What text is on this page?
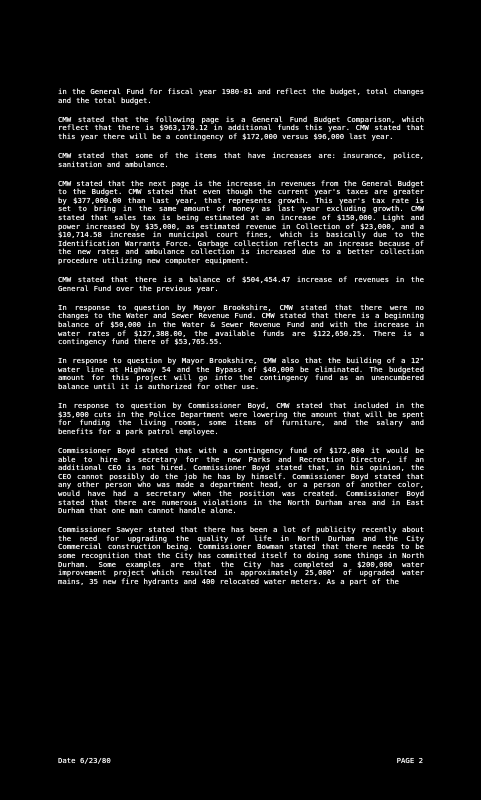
in the General Fund for fiscal year 1980-81 and reflect the budget, total changes and the total budget.

CMW stated that the following page is a General Fund Budget Comparison, which reflect that there is $963,170.12 in additional funds this year. CMW stated that this year there will be a contingency of $172,000 versus $96,000 last year.

CMW stated that some of the items that have increases are: insurance, police, sanitation and ambulance.

CMW stated that the next page is the increase in revenues from the General Budget to the Budget. CMW stated that even though the current year's taxes are greater by $377,000.00 than last year, that represents growth. This year's tax rate is set to bring in the same amount of money as last year excluding growth. CMW stated that sales tax is being estimated at an increase of $150,000. Light and power increased by $35,000, as estimated revenue in Collection of $23,000, and a $10,714.58 increase in municipal court fines, which is basically due to the Identification Warrants Force. Garbage collection reflects an increase because of the new rates and ambulance collection is increased due to a better collection procedure utilizing new computer equipment.

CMW stated that there is a balance of $504,454.47 increase of revenues in the General Fund over the previous year.

In response to question by Mayor Brookshire, CMW stated that there were no changes to the Water and Sewer Revenue Fund. CMW stated that there is a beginning balance of $50,000 in the Water & Sewer Revenue Fund and with the increase in water rates of $127,388.00, the available funds are $122,650.25. There is a contingency fund there of $53,765.55.

In response to question by Mayor Brookshire, CMW also that the building of a 12" water line at Highway 54 and the Bypass of $40,000 be eliminated. The budgeted amount for this project will go into the contingency fund as an unencumbered balance until it is authorized for other use.

In response to question by Commissioner Boyd, CMW stated that included in the $35,000 cuts in the Police Department were lowering the amount that will be spent for funding the living rooms, some items of furniture, and the salary and benefits for a park patrol employee.

Commissioner Boyd stated that with a contingency fund of $172,000 it would be able to hire a secretary for the new Parks and Recreation Director, if an additional CEO is not hired. Commissioner Boyd stated that, in his opinion, the CEO cannot possibly do the job he has by himself. Commissioner Boyd stated that any other person who was made a department head, or a person of another color, would have had a secretary when the position was created. Commissioner Boyd stated that there are numerous violations in the North Durham area and in East Durham that one man cannot handle alone.

Commissioner Sawyer stated that there has been a lot of publicity recently about the need for upgrading the quality of life in North Durham and the City Commercial construction being. Commissioner Bowman stated that there needs to be some recognition that the City has committed itself to doing some things in North Durham. Some examples are that the City has completed a $200,000 water improvement project which resulted in approximately 25,000' of upgraded water mains, 35 new fire hydrants and 400 relocated water meters. As a part of the

Date 6/23/80	PAGE 2
